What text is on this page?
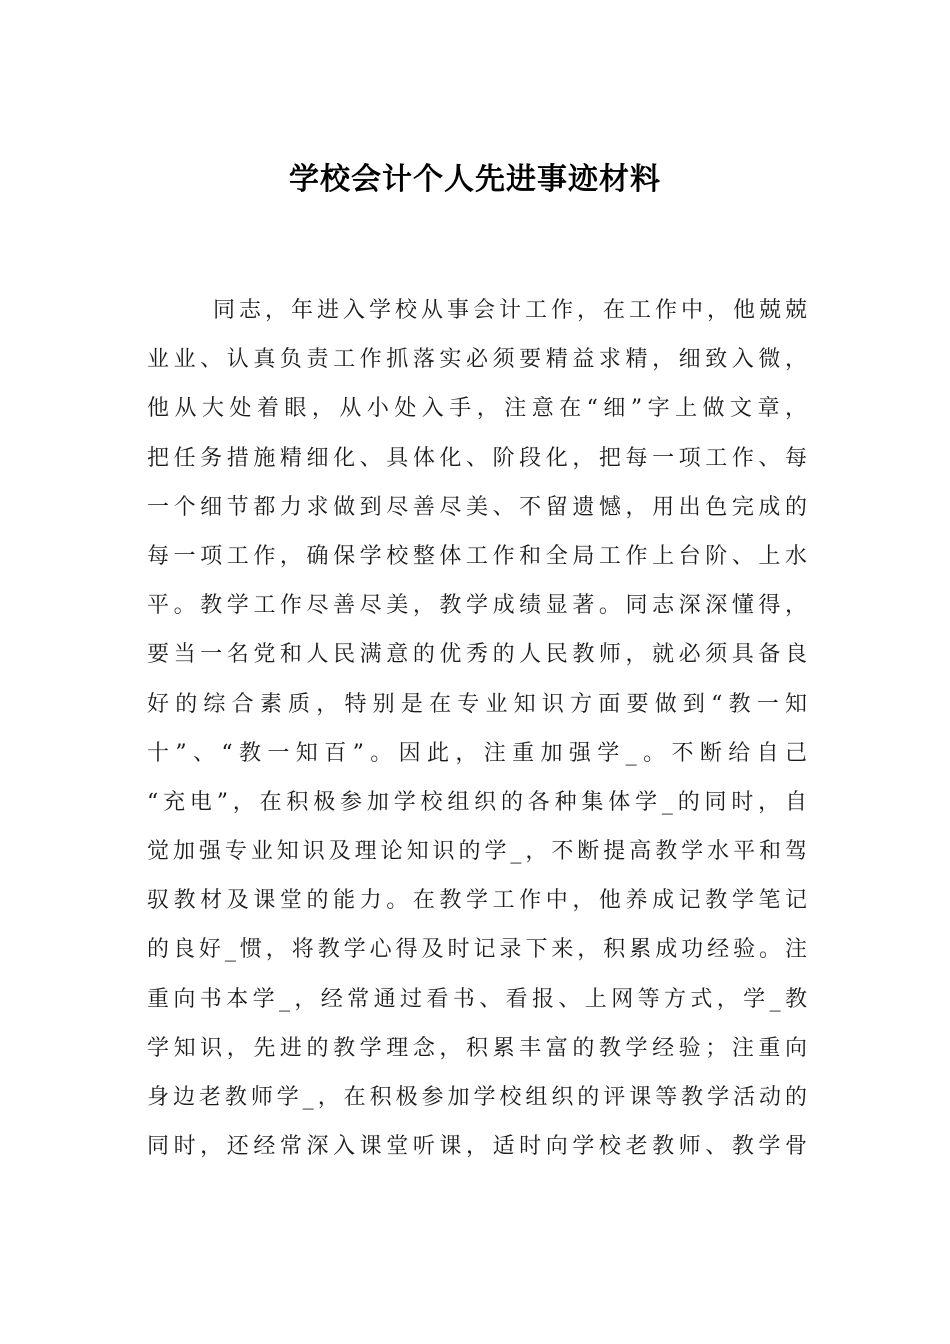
学校会计个人先进事迹材料
同志，年进入学校从事会计工作，在工作中，他兢兢
业业、认真负责工作抓落实必须要精益求精，细致入微，
他从大处着眼，从小处入手，注意在“细”字上做文章，
把任务措施精细化、具体化、阶段化，把每一项工作、每
一个细节都力求做到尽善尽美、不留遗憾，用出色完成的
每一项工作，确保学校整体工作和全局工作上台阶、上水
平。教学工作尽善尽美，教学成绩显著。同志深深懂得，
要当一名党和人民满意的优秀的人民教师，就必须具备良
好的综合素质，特别是在专业知识方面要做到“教一知
十”、“教一知百”。因此，注重加强学_。不断给自己
“充电”，在积极参加学校组织的各种集体学_的同时，自
觉加强专业知识及理论知识的学_，不断提高教学水平和驾
驭教材及课堂的能力。在教学工作中，他养成记教学笔记
的良好_惯，将教学心得及时记录下来，积累成功经验。注
重向书本学_，经常通过看书、看报、上网等方式，学_教
学知识，先进的教学理念，积累丰富的教学经验；注重向
身边老教师学_，在积极参加学校组织的评课等教学活动的
同时，还经常深入课堂听课，适时向学校老教师、教学骨
